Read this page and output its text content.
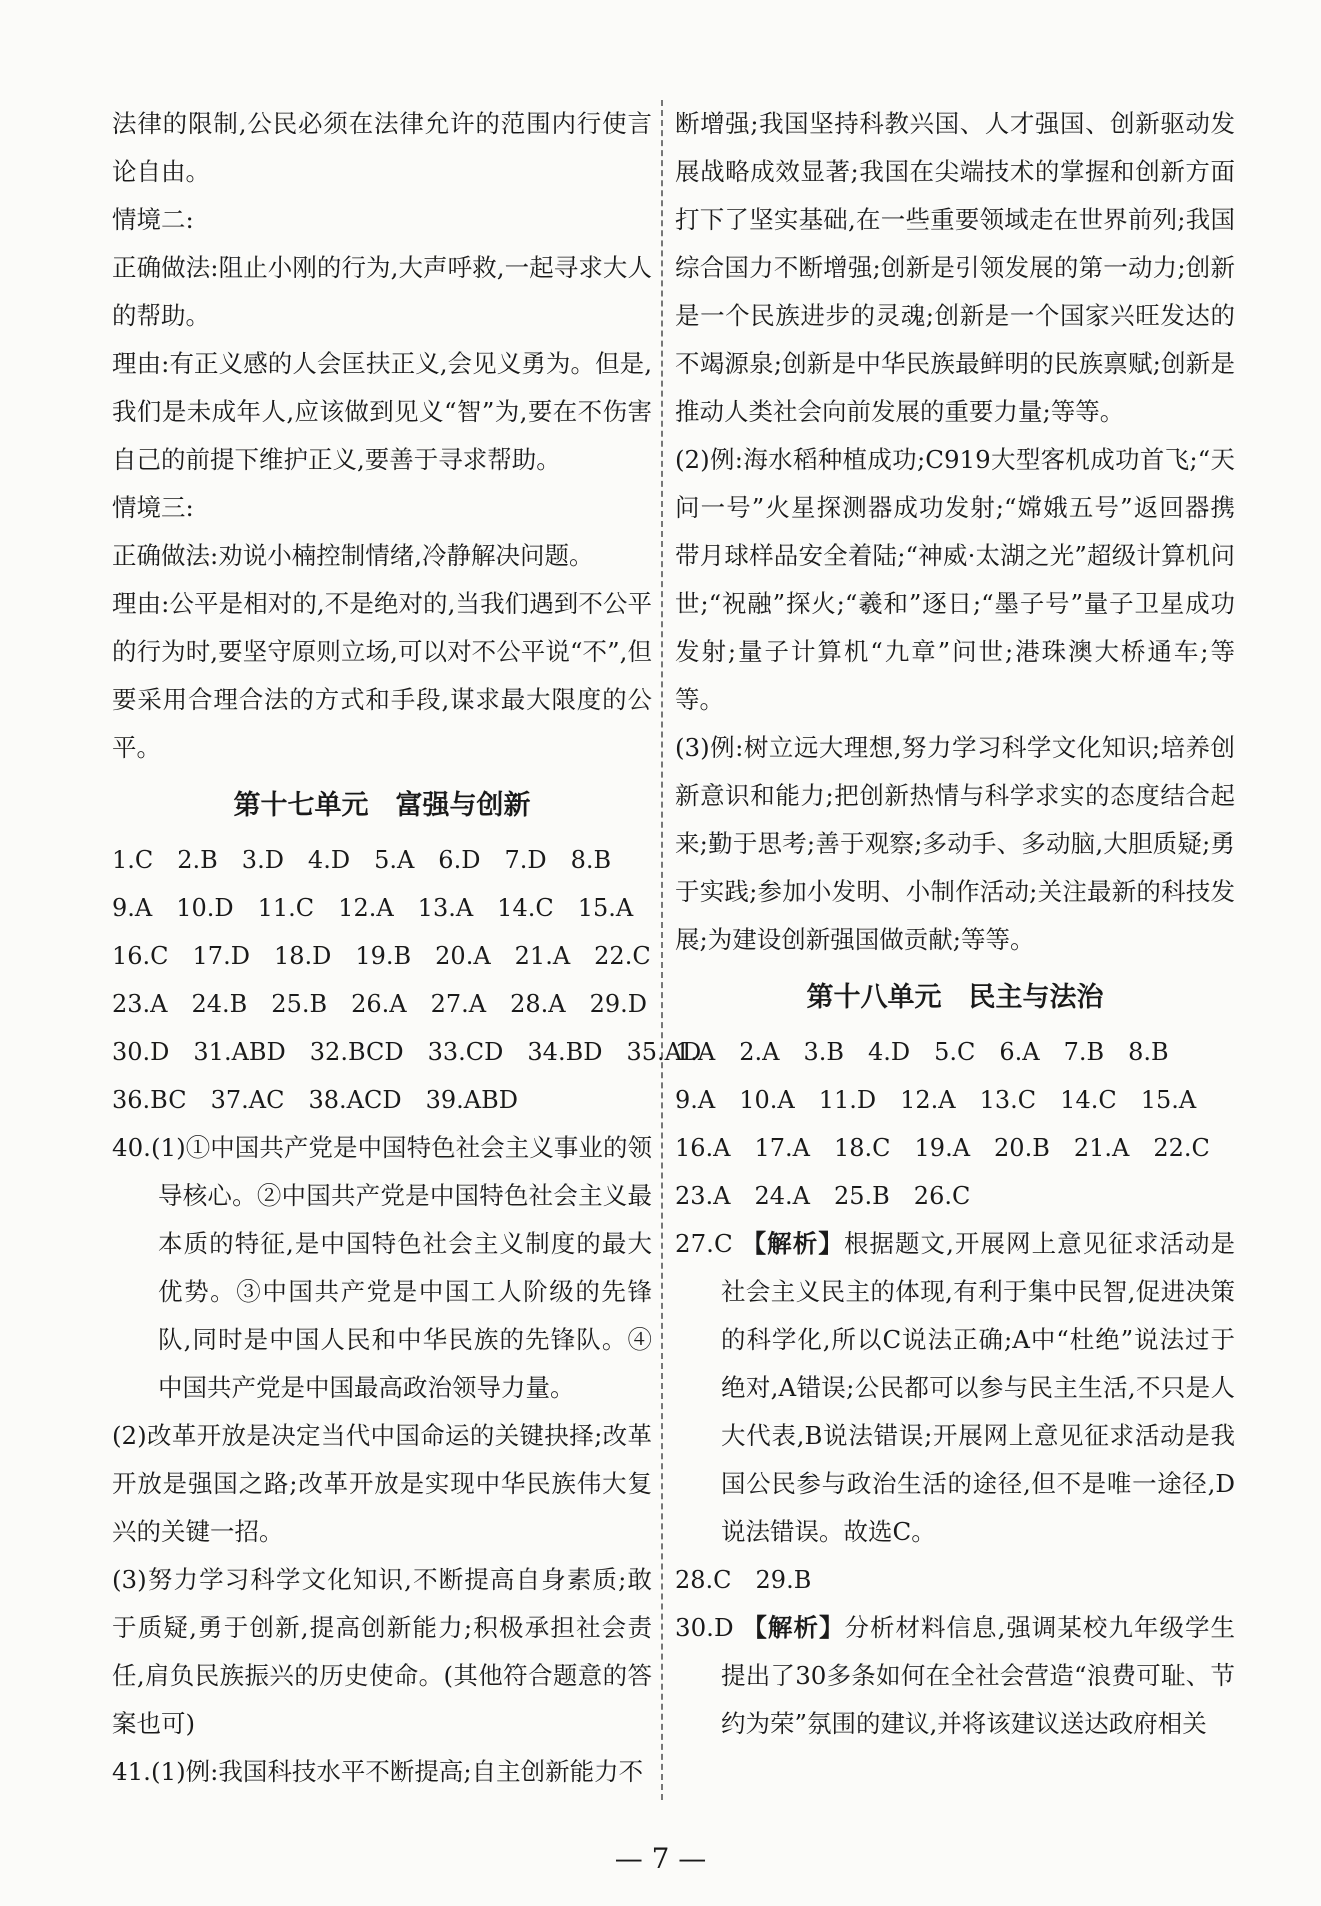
法律的限制,公民必须在法律允许的范围内行使言论自由。

情境二:

正确做法:阻止小刚的行为,大声呼救,一起寻求大人的帮助。

理由:有正义感的人会匡扶正义,会见义勇为。但是,我们是未成年人,应该做到见义“智”为,要在不伤害自己的前提下维护正义,要善于寻求帮助。

情境三:

正确做法:劝说小楠控制情绪,冷静解决问题。

理由:公平是相对的,不是绝对的,当我们遇到不公平的行为时,要坚守原则立场,可以对不公平说“不”,但要采用合理合法的方式和手段,谋求最大限度的公平。

第十七单元　富强与创新

1.C　2.B　3.D　4.D　5.A　6.D　7.D　8.B

9.A　10.D　11.C　12.A　13.A　14.C　15.A

16.C　17.D　18.D　19.B　20.A　21.A　22.C

23.A　24.B　25.B　26.A　27.A　28.A　29.D

30.D　31.ABD　32.BCD　33.CD　34.BD　35.AD

36.BC　37.AC　38.ACD　39.ABD

40.(1)①中国共产党是中国特色社会主义事业的领导核心。②中国共产党是中国特色社会主义最本质的特征,是中国特色社会主义制度的最大优势。③中国共产党是中国工人阶级的先锋队,同时是中国人民和中华民族的先锋队。④中国共产党是中国最高政治领导力量。

(2)改革开放是决定当代中国命运的关键抉择;改革开放是强国之路;改革开放是实现中华民族伟大复兴的关键一招。

(3)努力学习科学文化知识,不断提高自身素质;敢于质疑,勇于创新,提高创新能力;积极承担社会责任,肩负民族振兴的历史使命。(其他符合题意的答案也可)

41.(1)例:我国科技水平不断提高;自主创新能力不

断增强;我国坚持科教兴国、人才强国、创新驱动发展战略成效显著;我国在尖端技术的掌握和创新方面打下了坚实基础,在一些重要领域走在世界前列;我国综合国力不断增强;创新是引领发展的第一动力;创新是一个民族进步的灵魂;创新是一个国家兴旺发达的不竭源泉;创新是中华民族最鲜明的民族禀赋;创新是推动人类社会向前发展的重要力量;等等。

(2)例:海水稻种植成功;C919大型客机成功首飞;“天问一号”火星探测器成功发射;“嫦娥五号”返回器携带月球样品安全着陆;“神威·太湖之光”超级计算机问世;“祝融”探火;“羲和”逐日;“墨子号”量子卫星成功发射;量子计算机“九章”问世;港珠澳大桥通车;等等。

(3)例:树立远大理想,努力学习科学文化知识;培养创新意识和能力;把创新热情与科学求实的态度结合起来;勤于思考;善于观察;多动手、多动脑,大胆质疑;勇于实践;参加小发明、小制作活动;关注最新的科技发展;为建设创新强国做贡献;等等。

第十八单元　民主与法治

1.A　2.A　3.B　4.D　5.C　6.A　7.B　8.B

9.A　10.A　11.D　12.A　13.C　14.C　15.A

16.A　17.A　18.C　19.A　20.B　21.A　22.C

23.A　24.A　25.B　26.C

27.C 【解析】根据题文,开展网上意见征求活动是社会主义民主的体现,有利于集中民智,促进决策的科学化,所以C说法正确;A中“杜绝”说法过于绝对,A错误;公民都可以参与民主生活,不只是人大代表,B说法错误;开展网上意见征求活动是我国公民参与政治生活的途径,但不是唯一途径,D说法错误。故选C。

28.C　29.B

30.D 【解析】分析材料信息,强调某校九年级学生提出了30多条如何在全社会营造“浪费可耻、节约为荣”氛围的建议,并将该建议送达政府相关

— 7 —
